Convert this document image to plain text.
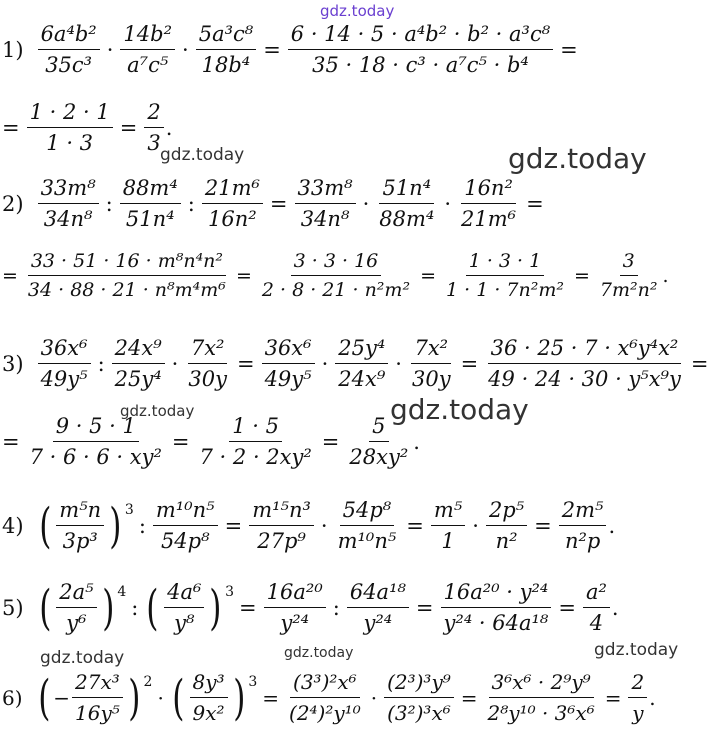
gdz.today
gdz.today	gdz.today
gdz.today	gdz.today
gdz.today	gdz.today	gdz.today
$1) \frac{\text{6a⁴b²}}{\text{35c³}} \cdot \frac{\text{14b²}}{\text{a⁷c⁵}} \cdot \frac{\text{5a³c⁸}}{\text{18b⁴}} = \frac{\text{6 · 14 · 5 · a⁴b² · b² · a³c⁸}}{\text{35 · 18 · c³ · a⁷c⁵ · b⁴}}$ =
= $\frac{1 \cdot 2 \cdot 1}{1 \cdot 3} = \frac{2}{3}$ .
$2) \frac{\text{33m⁸}}{\text{34n⁸}}$ : $\frac{\text{88m⁴}}{\text{51n⁴}}$ : $\frac{\text{21m⁶}}{\text{16n²}} = \frac{\text{33m⁸}}{\text{34n⁸}} \cdot \frac{\text{51n⁴}}{\text{88m⁴}} \cdot \frac{\text{16n²}}{\text{21m⁶}}$ =
= $\frac{\text{33 · 51 · 16 · m⁸n⁴n²}}{\text{34 · 88 · 21 · n⁸m⁴m⁶}} = \frac{3 \cdot 3 \cdot 16}{\text{2 · 8 · 21 · n²m²}} = \frac{1 \cdot 3 \cdot 1}{\text{1 · 1 · 7n²m²}} = \frac{3}{\text{7m²n²}}$ .
$3) \frac{\text{36x⁶}}{\text{49y⁵}}$ : $\frac{\text{24x⁹}}{\text{25y⁴}} \cdot \frac{\text{7x²}}{30y} = \frac{\text{36x⁶}}{\text{49y⁵}} \cdot \frac{\text{25y⁴}}{\text{24x⁹}} \cdot \frac{\text{7x²}}{30y} = \frac{\text{36 · 25 · 7 · x⁶y⁴x²}}{\text{49 · 24 · 30 · y⁵x⁹y}}$ =
= $\frac{9 \cdot 5 \cdot 1}{\text{7 · 6 · 6 · xy²}} = \frac{1 \cdot 5}{\text{7 · 2 · 2xy²}} = \frac{5}{\text{28xy²}}$ .
4) ( $\frac{\text{m⁵n}}{\text{3p³}}$ ) 3
: $\frac{\text{m¹⁰n⁵}}{\text{54p⁸}} = \frac{\text{m¹⁵n³}}{\text{27p⁹}} \cdot \frac{\text{54p⁸}}{\text{m¹⁰n⁵}} = \frac{\text{m⁵}}{1} \cdot \frac{\text{2p⁵}}{\text{n²}} = \frac{\text{2m⁵}}{\text{n²p}}$ .
5) ( $\frac{\text{2a⁵}}{\text{y⁶}}$ ) 4
: ( $\frac{\text{4a⁶}}{\text{y⁸}}$ ) 3
= $\frac{\text{16a²⁰}}{\text{y²⁴}}$ : $\frac{\text{64a¹⁸}}{\text{y²⁴}} = \frac{\text{16a²⁰ · y²⁴}}{\text{y²⁴ · 64a¹⁸}} = \frac{\text{a²}}{4}$ .
6) ( − $\frac{\text{27x³}}{\text{16y⁵}}$ ) 2
· ( $\frac{\text{8y³}}{\text{9x²}}$ ) 3
= $\frac{\text{(3³)²x⁶}}{\text{(2⁴)²y¹⁰}} \cdot \frac{\text{(2³)³y⁹}}{\text{(3²)³x⁶}} = \frac{\text{3⁶x⁶ · 2⁹y⁹}}{\text{2⁸y¹⁰ · 3⁶x⁶}} = \frac{2}{y}$ .
